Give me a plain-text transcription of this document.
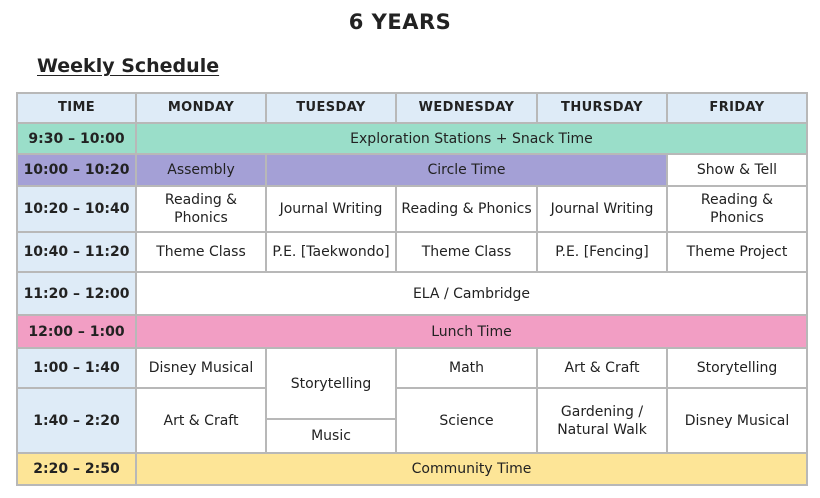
6 YEARS
Weekly Schedule
TIME	MONDAY	TUESDAY	WEDNESDAY	THURSDAY	FRIDAY
9:30 – 10:00	Exploration Stations + Snack Time				
10:00 – 10:20	Assembly	Circle Time			Show & Tell
10:20 – 10:40	Reading & Phonics	Journal Writing	Reading & Phonics	Journal Writing	Reading & Phonics
10:40 – 11:20	Theme Class	P.E. [Taekwondo]	Theme Class	P.E. [Fencing]	Theme Project
11:20 – 12:00	ELA / Cambridge				
12:00 – 1:00	Lunch Time				
1:00 – 1:40	Disney Musical	Storytelling	Math	Art & Craft	Storytelling
1:40 – 2:20	Art & Craft		Science	Gardening / Natural Walk	Disney Musical
		Music			
2:20 – 2:50	Community Time				
